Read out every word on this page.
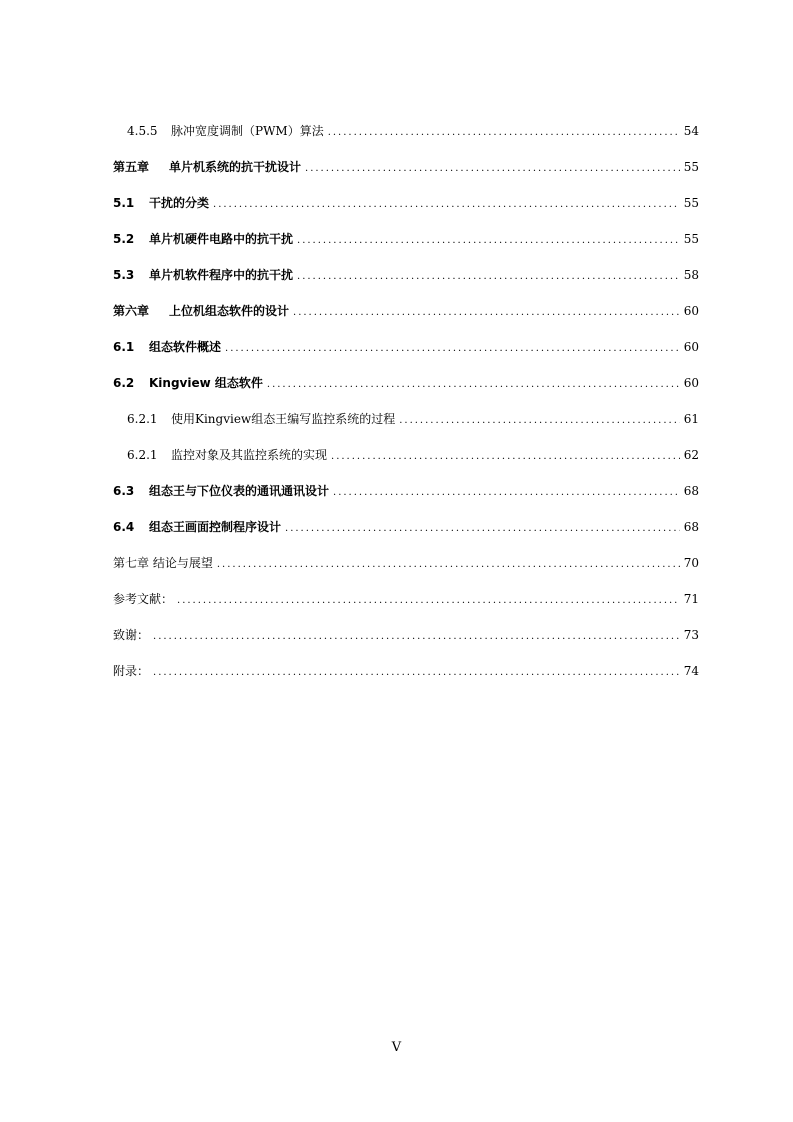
4.5.5 脉冲宽度调制（PWM）算法 .....	54
第五章 单片机系统的抗干扰设计 .....	55
5.1 干扰的分类 .....	55
5.2 单片机硬件电路中的抗干扰 .....	55
5.3 单片机软件程序中的抗干扰 .....	58
第六章 上位机组态软件的设计 .....	60
6.1 组态软件概述 .....	60
6.2 Kingview 组态软件 .....	60
6.2.1 使用Kingview组态王编写监控系统的过程 .....	61
6.2.1 监控对象及其监控系统的实现 .....	62
6.3 组态王与下位仪表的通讯通讯设计 .....	68
6.4 组态王画面控制程序设计 .....	68
第七章 结论与展望 .....	70
参考文献： .....	71
致谢： .....	73
附录： .....	74
V
